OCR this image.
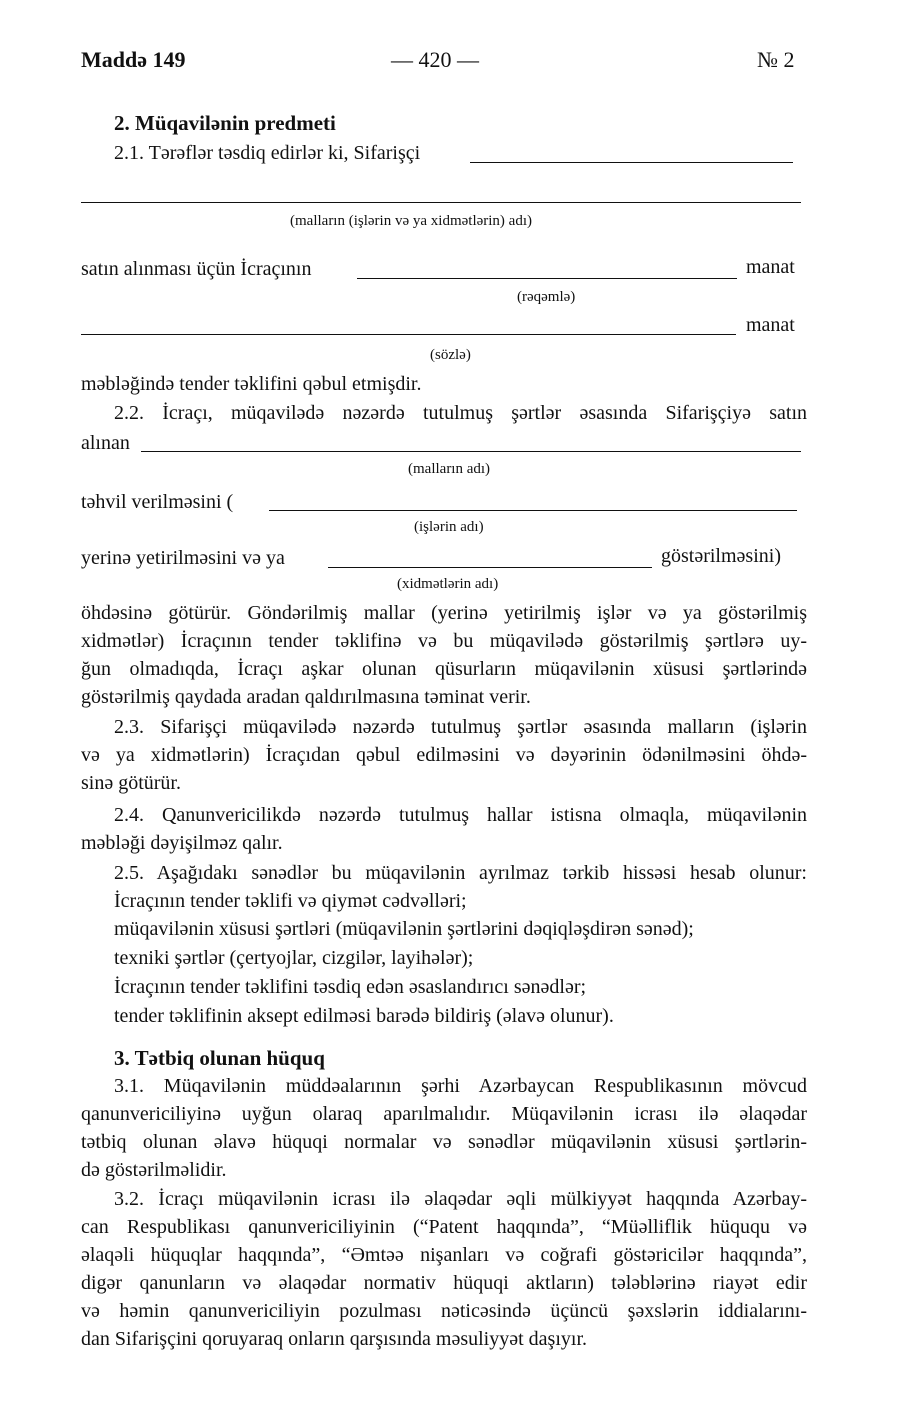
Maddə 149	— 420 —	№ 2
2. Müqavilənin predmeti
2.1. Tərəflər təsdiq edirlər ki, Sifarişçi
(malların (işlərin və ya xidmətlərin) adı)
satın alınması üçün İcraçının	manat
(rəqəmlə)
manat
(sözlə)
məbləğində tender təklifini qəbul etmişdir.
2.2. İcraçı, müqavilədə nəzərdə tutulmuş şərtlər əsasında Sifarişçiyə satın
alınan
(malların adı)
təhvil verilməsini (
(işlərin adı)
yerinə yetirilməsini və ya	göstərilməsini)
(xidmətlərin adı)
öhdəsinə götürür. Göndərilmiş mallar (yerinə yetirilmiş işlər və ya göstərilmiş
xidmətlər) İcraçının tender təklifinə və bu müqavilədə göstərilmiş şərtlərə uy-
ğun olmadıqda, İcraçı aşkar olunan qüsurların müqavilənin xüsusi şərtlərində
göstərilmiş qaydada aradan qaldırılmasına təminat verir.
2.3. Sifarişçi müqavilədə nəzərdə tutulmuş şərtlər əsasında malların (işlərin
və ya xidmətlərin) İcraçıdan qəbul edilməsini və dəyərinin ödənilməsini öhdə-
sinə götürür.
2.4. Qanunvericilikdə nəzərdə tutulmuş hallar istisna olmaqla, müqavilənin
məbləği dəyişilməz qalır.
2.5. Aşağıdakı sənədlər bu müqavilənin ayrılmaz tərkib hissəsi hesab olunur:
İcraçının tender təklifi və qiymət cədvəlləri;
müqavilənin xüsusi şərtləri (müqavilənin şərtlərini dəqiqləşdirən sənəd);
texniki şərtlər (çertyojlar, cizgilər, layihələr);
İcraçının tender təklifini təsdiq edən əsaslandırıcı sənədlər;
tender təklifinin aksept edilməsi barədə bildiriş (əlavə olunur).
3. Tətbiq olunan hüquq
3.1. Müqavilənin müddəalarının şərhi Azərbaycan Respublikasının mövcud
qanunvericiliyinə uyğun olaraq aparılmalıdır. Müqavilənin icrası ilə əlaqədar
tətbiq olunan əlavə hüquqi normalar və sənədlər müqavilənin xüsusi şərtlərin-
də göstərilməlidir.
3.2. İcraçı müqavilənin icrası ilə əlaqədar əqli mülkiyyət haqqında Azərbay-
can Respublikası qanunvericiliyinin (“Patent haqqında”, “Müəlliflik hüququ və
əlaqəli hüquqlar haqqında”, “Əmtəə nişanları və coğrafi göstəricilər haqqında”,
digər qanunların və əlaqədar normativ hüquqi aktların) tələblərinə riayət edir
və həmin qanunvericiliyin pozulması nəticəsində üçüncü şəxslərin iddialarını-
dan Sifarişçini qoruyaraq onların qarşısında məsuliyyət daşıyır.
